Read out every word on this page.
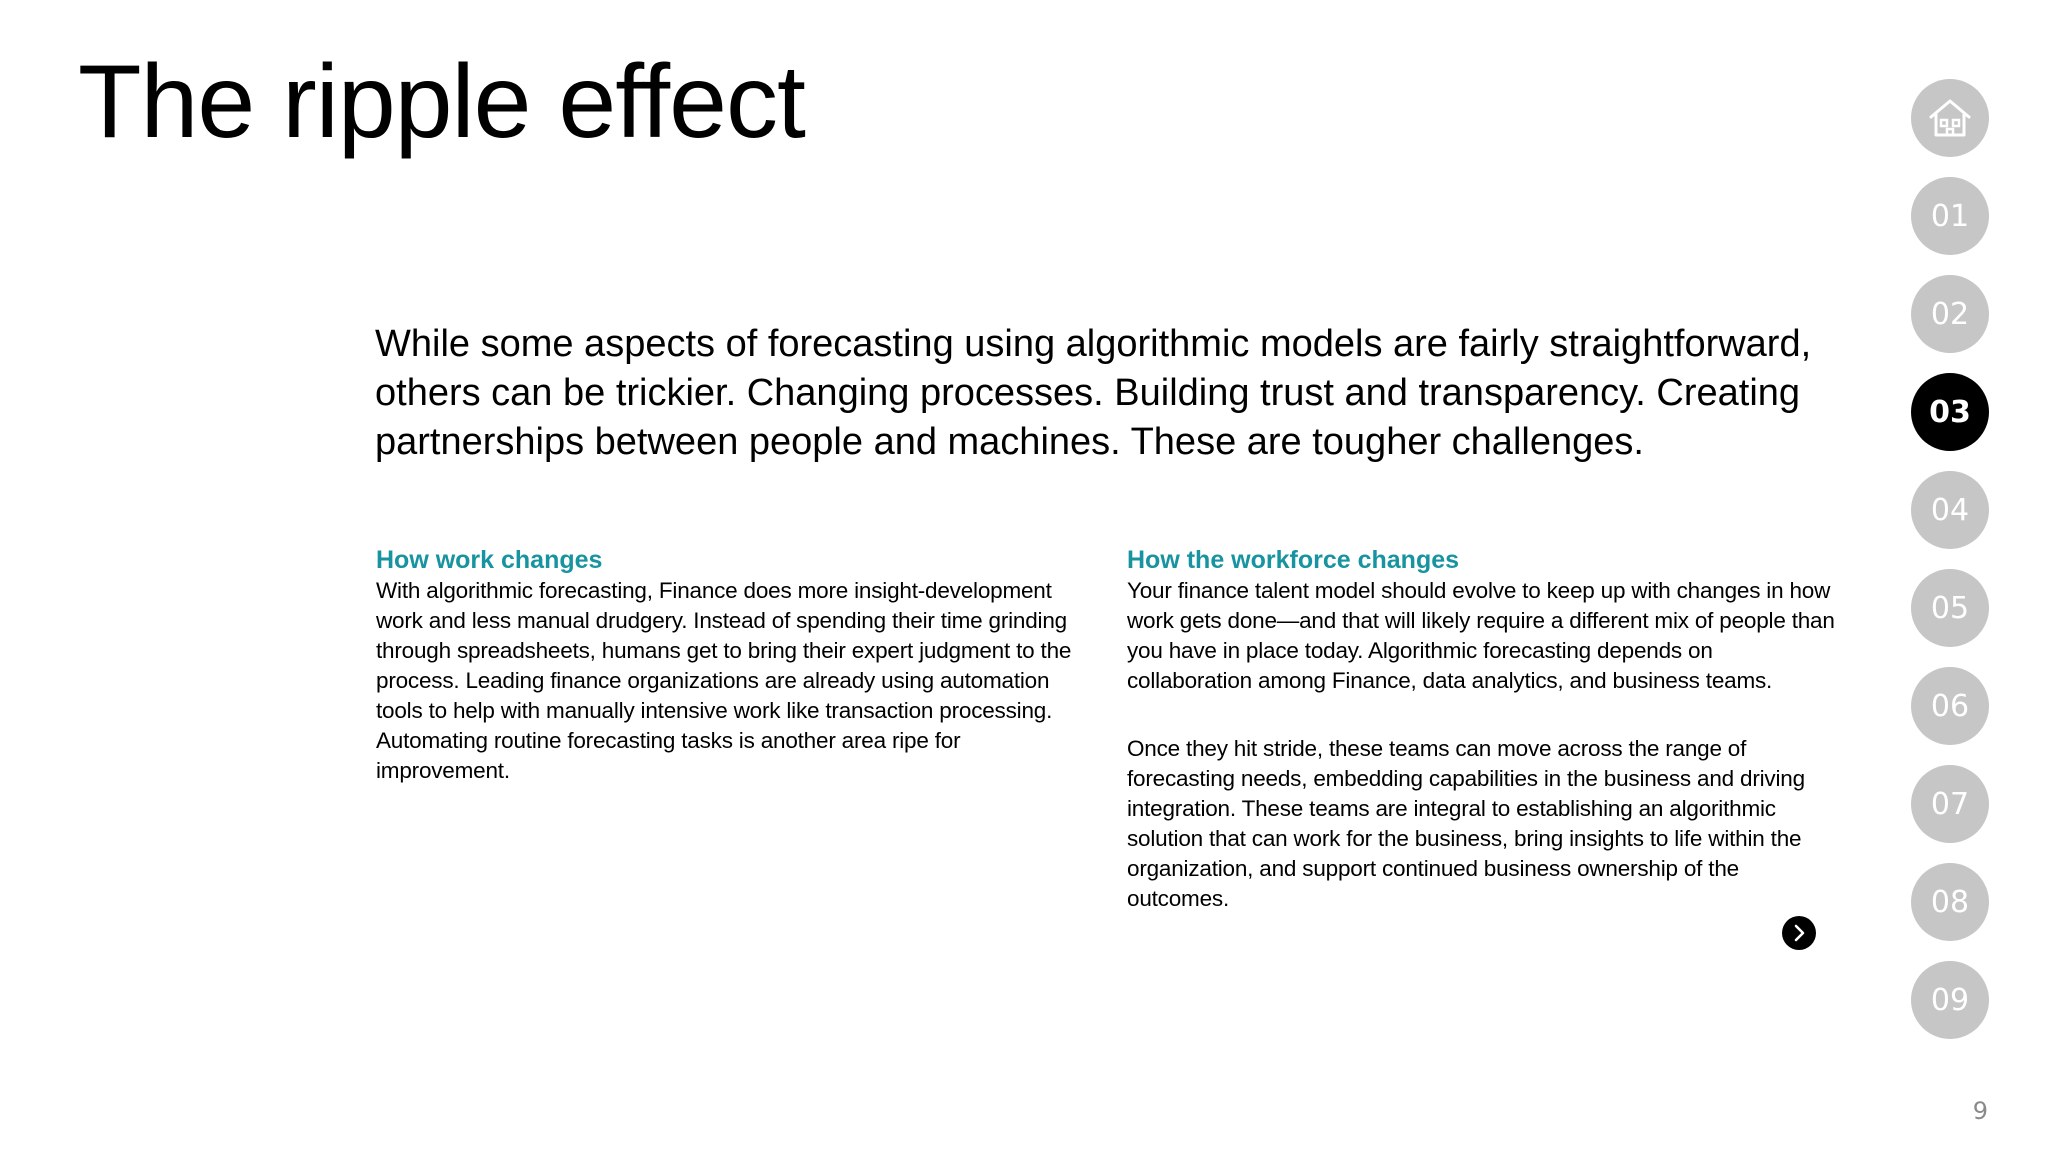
The ripple effect

While some aspects of forecasting using algorithmic models are fairly straightforward, others can be trickier. Changing processes. Building trust and transparency. Creating partnerships between people and machines. These are tougher challenges.

How work changes

With algorithmic forecasting, Finance does more insight-development work and less manual drudgery. Instead of spending their time grinding through spreadsheets, humans get to bring their expert judgment to the process. Leading finance organizations are already using automation tools to help with manually intensive work like transaction processing. Automating routine forecasting tasks is another area ripe for improvement.

How the workforce changes

Your finance talent model should evolve to keep up with changes in how work gets done—and that will likely require a different mix of people than you have in place today. Algorithmic forecasting depends on collaboration among Finance, data analytics, and business teams.

Once they hit stride, these teams can move across the range of forecasting needs, embedding capabilities in the business and driving integration. These teams are integral to establishing an algorithmic solution that can work for the business, bring insights to life within the organization, and support continued business ownership of the outcomes.

01
02
03
04
05
06
07
08
09
9
